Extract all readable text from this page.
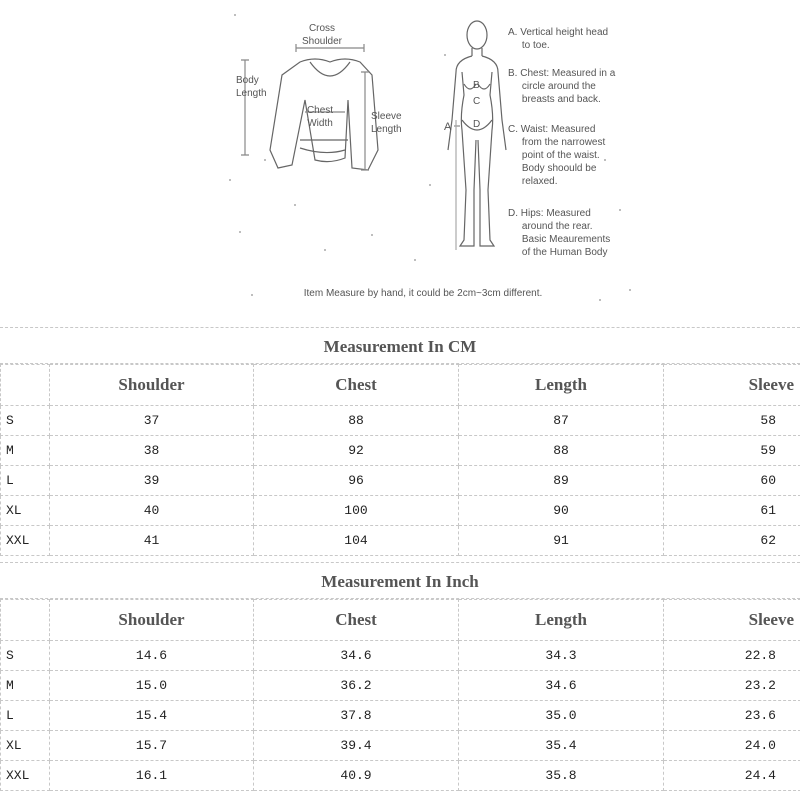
Cross
Shoulder
Body
Length
Chest
Width
Sleeve
Length	A
B
C
D
A. Vertical height head
to toe.
B. Chest: Measured in a
circle around the
breasts and back.
C. Waist: Measured
from the narrowest
point of the waist.
Body shoould be
relaxed.
D. Hips: Measured
around the rear.
Basic Meaurements
of the Human Body
Item Measure by hand, it could be 2cm~3cm different.
Measurement In CM
	Shoulder	Chest	Length	Sleeve
S	37	88	87	58
M	38	92	88	59
L	39	96	89	60
XL	40	100	90	61
XXL	41	104	91	62
Measurement In Inch
	Shoulder	Chest	Length	Sleeve
S	14.6	34.6	34.3	22.8
M	15.0	36.2	34.6	23.2
L	15.4	37.8	35.0	23.6
XL	15.7	39.4	35.4	24.0
XXL	16.1	40.9	35.8	24.4
